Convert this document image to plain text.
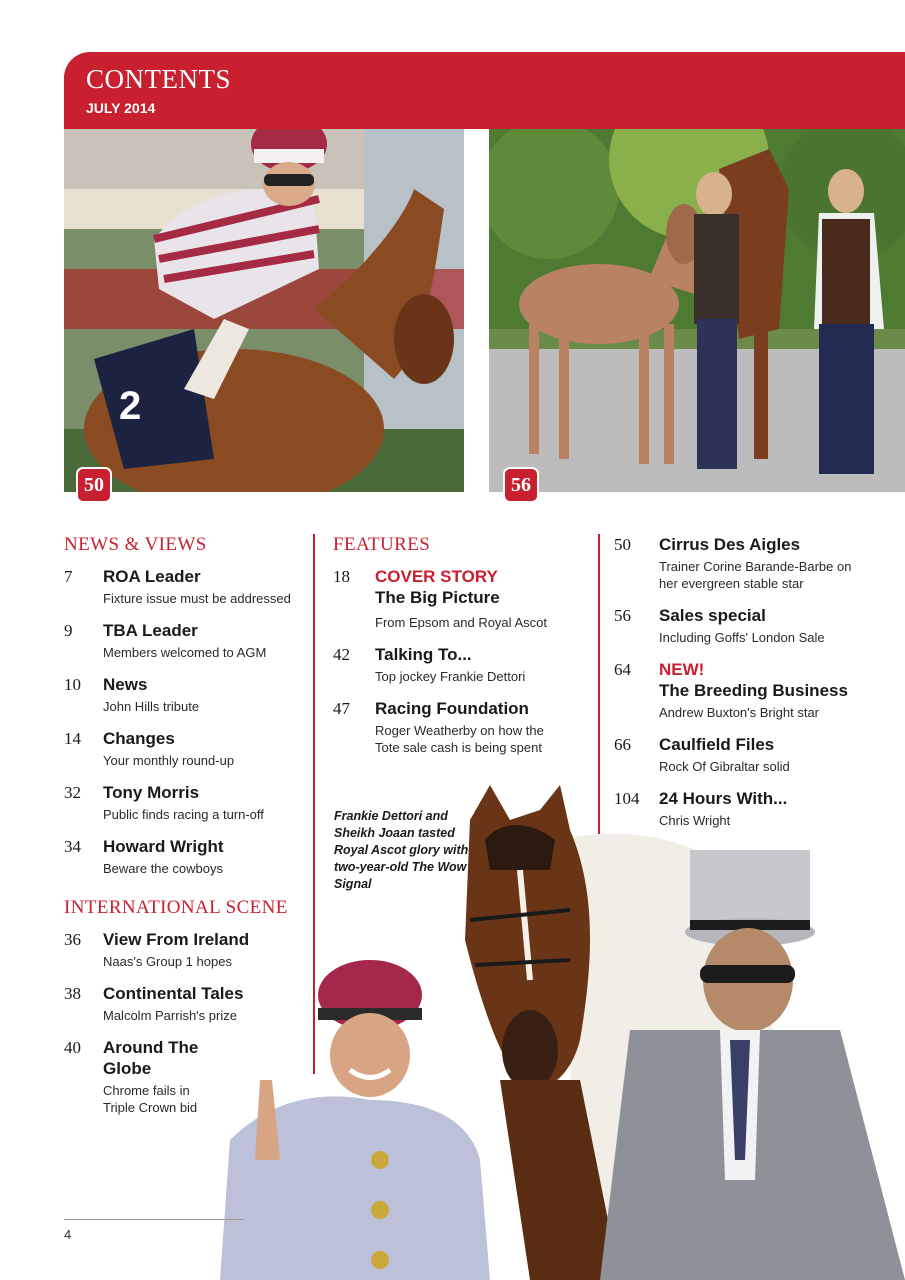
CONTENTS
JULY 2014
2
50	56
NEWS & VIEWS
7 ROA Leader
Fixture issue must be addressed
9 TBA Leader
Members welcomed to AGM
10 News
John Hills tribute
14 Changes
Your monthly round-up
32 Tony Morris
Public finds racing a turn-off
34 Howard Wright
Beware the cowboys
INTERNATIONAL SCENE
36 View From Ireland
Naas's Group 1 hopes
38 Continental Tales
Malcolm Parrish's prize
40 Around The Globe
Chrome fails in Triple Crown bid
FEATURES
18 COVER STORY
The Big Picture
From Epsom and Royal Ascot
42 Talking To...
Top jockey Frankie Dettori
47 Racing Foundation
Roger Weatherby on how the Tote sale cash is being spent
50 Cirrus Des Aigles
Trainer Corine Barande-Barbe on her evergreen stable star
56 Sales special
Including Goffs' London Sale
64 NEW!
The Breeding Business
Andrew Buxton's Bright star
66 Caulfield Files
Rock Of Gibraltar solid
104 24 Hours With...
Chris Wright
Frankie Dettori and Sheikh Joaan tasted Royal Ascot glory with two-year-old The Wow Signal
4
